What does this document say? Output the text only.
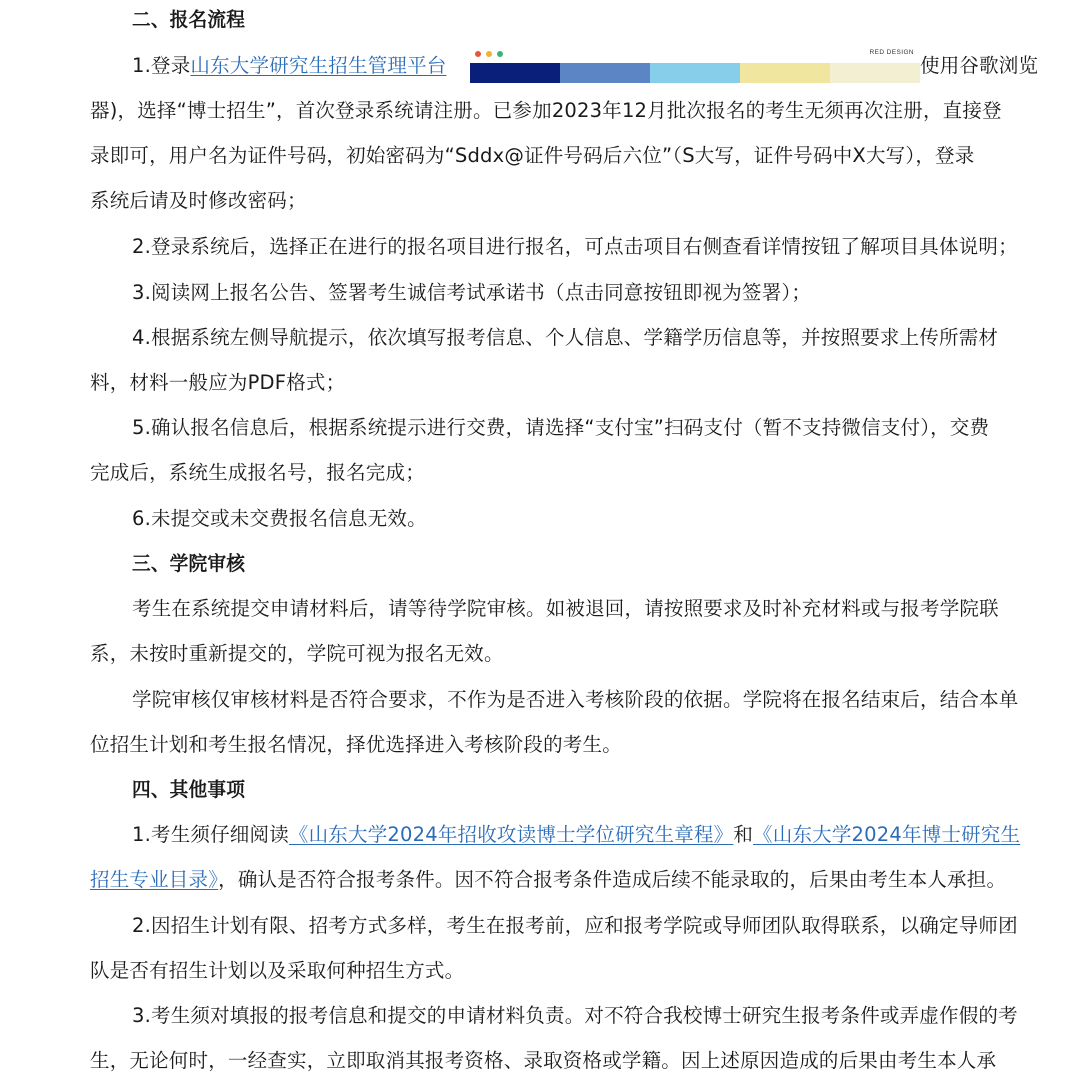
二、报名流程
1.登录山东大学研究生招生管理平台	使用谷歌浏览
RED DESIGN
器)，选择“博士招生”，首次登录系统请注册。已参加2023年12月批次报名的考生无须再次注册，直接登
录即可，用户名为证件号码，初始密码为“Sddx@证件号码后六位”（S大写，证件号码中X大写），登录
系统后请及时修改密码；
2.登录系统后，选择正在进行的报名项目进行报名，可点击项目右侧查看详情按钮了解项目具体说明；
3.阅读网上报名公告、签署考生诚信考试承诺书（点击同意按钮即视为签署）；
4.根据系统左侧导航提示，依次填写报考信息、个人信息、学籍学历信息等，并按照要求上传所需材
料，材料一般应为PDF格式；
5.确认报名信息后，根据系统提示进行交费，请选择“支付宝”扫码支付（暂不支持微信支付），交费
完成后，系统生成报名号，报名完成；
6.未提交或未交费报名信息无效。
三、学院审核
考生在系统提交申请材料后，请等待学院审核。如被退回，请按照要求及时补充材料或与报考学院联
系，未按时重新提交的，学院可视为报名无效。
学院审核仅审核材料是否符合要求，不作为是否进入考核阶段的依据。学院将在报名结束后，结合本单
位招生计划和考生报名情况，择优选择进入考核阶段的考生。
四、其他事项
1.考生须仔细阅读《山东大学2024年招收攻读博士学位研究生章程》和《山东大学2024年博士研究生
招生专业目录》，确认是否符合报考条件。因不符合报考条件造成后续不能录取的，后果由考生本人承担。
2.因招生计划有限、招考方式多样，考生在报考前，应和报考学院或导师团队取得联系，以确定导师团
队是否有招生计划以及采取何种招生方式。
3.考生须对填报的报考信息和提交的申请材料负责。对不符合我校博士研究生报考条件或弄虚作假的考
生，无论何时，一经查实，立即取消其报考资格、录取资格或学籍。因上述原因造成的后果由考生本人承
